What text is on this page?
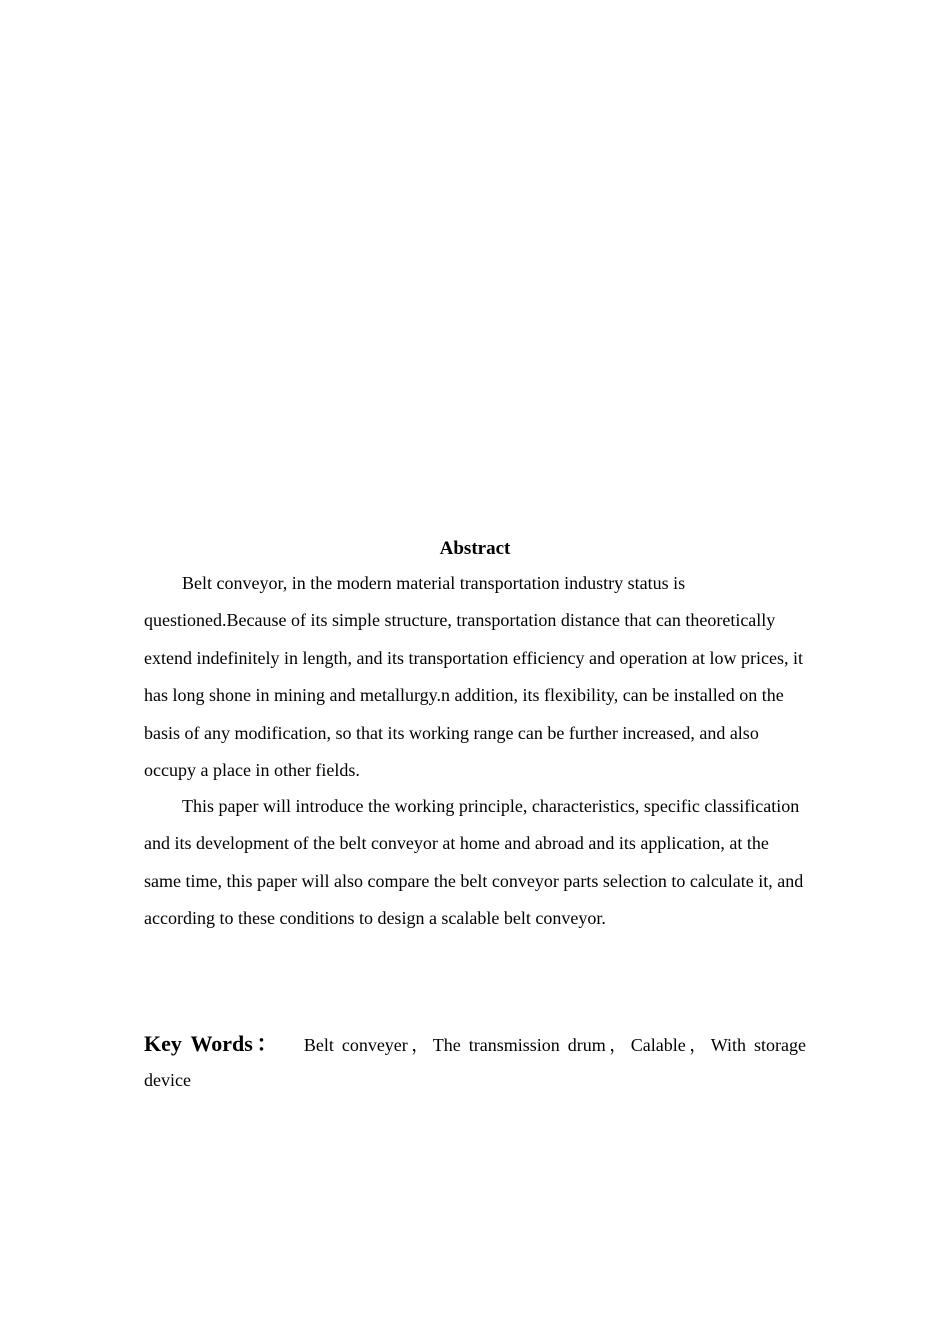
Abstract

Belt conveyor, in the modern material transportation industry status is questioned.Because of its simple structure, transportation distance that can theoretically extend indefinitely in length, and its transportation efficiency and operation at low prices, it has long shone in mining and metallurgy.n addition, its flexibility, can be installed on the basis of any modification, so that its working range can be further increased, and also occupy a place in other fields.

This paper will introduce the working principle, characteristics, specific classification and its development of the belt conveyor at home and abroad and its application, at the same time, this paper will also compare the belt conveyor parts selection to calculate it, and according to these conditions to design a scalable belt conveyor.

Key Words： Belt conveyer，The transmission drum，Calable，With storage device
